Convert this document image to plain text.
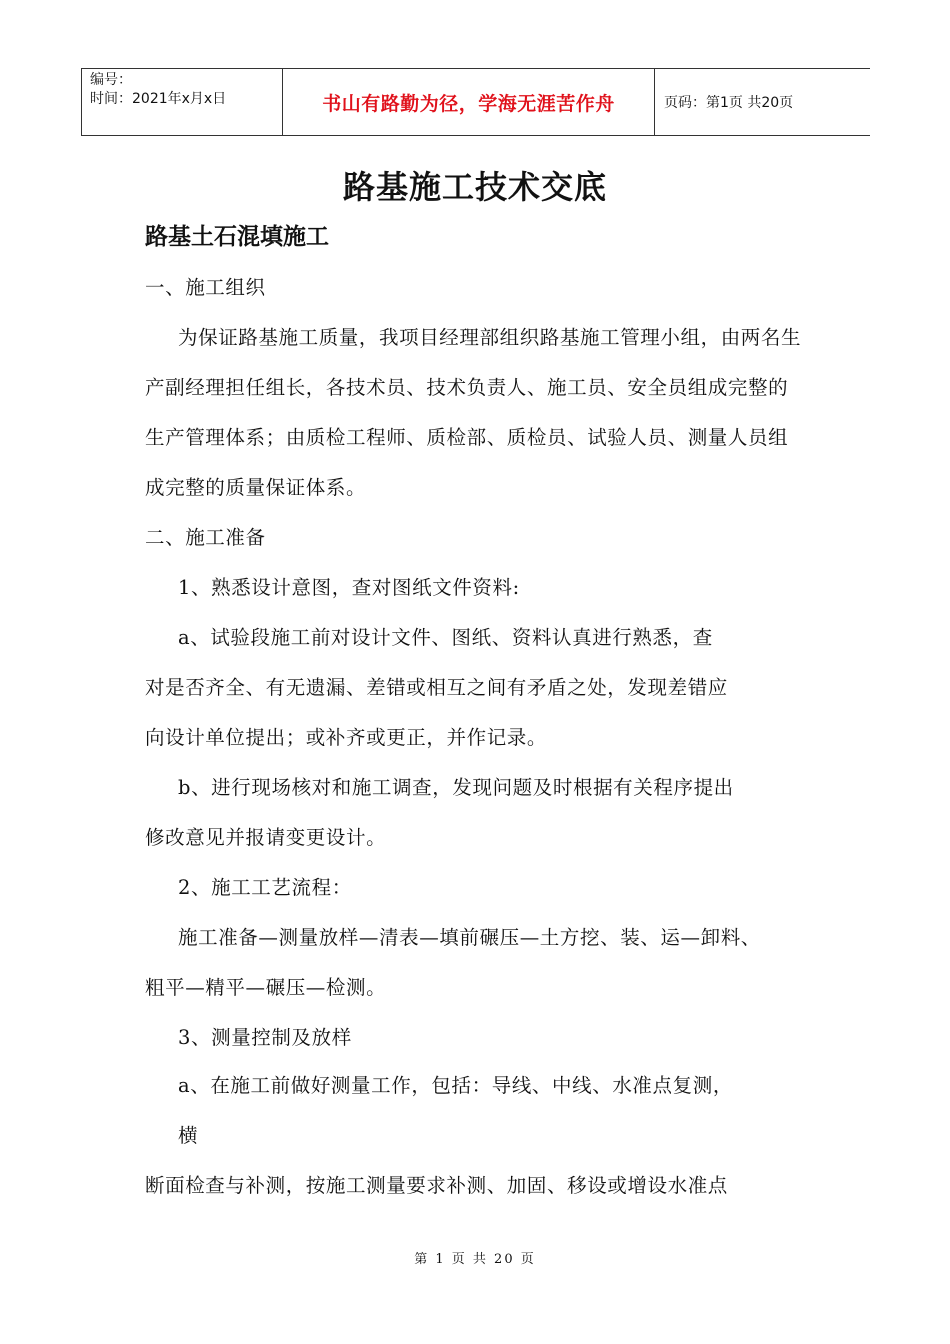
编号：
时间：2021年x月x日	书山有路勤为径，学海无涯苦作舟	页码：第1页 共20页
路基施工技术交底
路基土石混填施工
一、施工组织
为保证路基施工质量，我项目经理部组织路基施工管理小组，由两名生
产副经理担任组长，各技术员、技术负责人、施工员、安全员组成完整的
生产管理体系；由质检工程师、质检部、质检员、试验人员、测量人员组
成完整的质量保证体系。
二、施工准备
1、熟悉设计意图，查对图纸文件资料:
a、试验段施工前对设计文件、图纸、资料认真进行熟悉，查
对是否齐全、有无遗漏、差错或相互之间有矛盾之处，发现差错应
向设计单位提出；或补齐或更正，并作记录。
b、进行现场核对和施工调查，发现问题及时根据有关程序提出
修改意见并报请变更设计。
2、施工工艺流程：
施工准备—测量放样—清表—填前碾压—土方挖、装、运—卸料、
粗平—精平—碾压—检测。
3、测量控制及放样
a、在施工前做好测量工作，包括：导线、中线、水准点复测，
横
断面检查与补测，按施工测量要求补测、加固、移设或增设水准点
第 1 页 共 20 页
